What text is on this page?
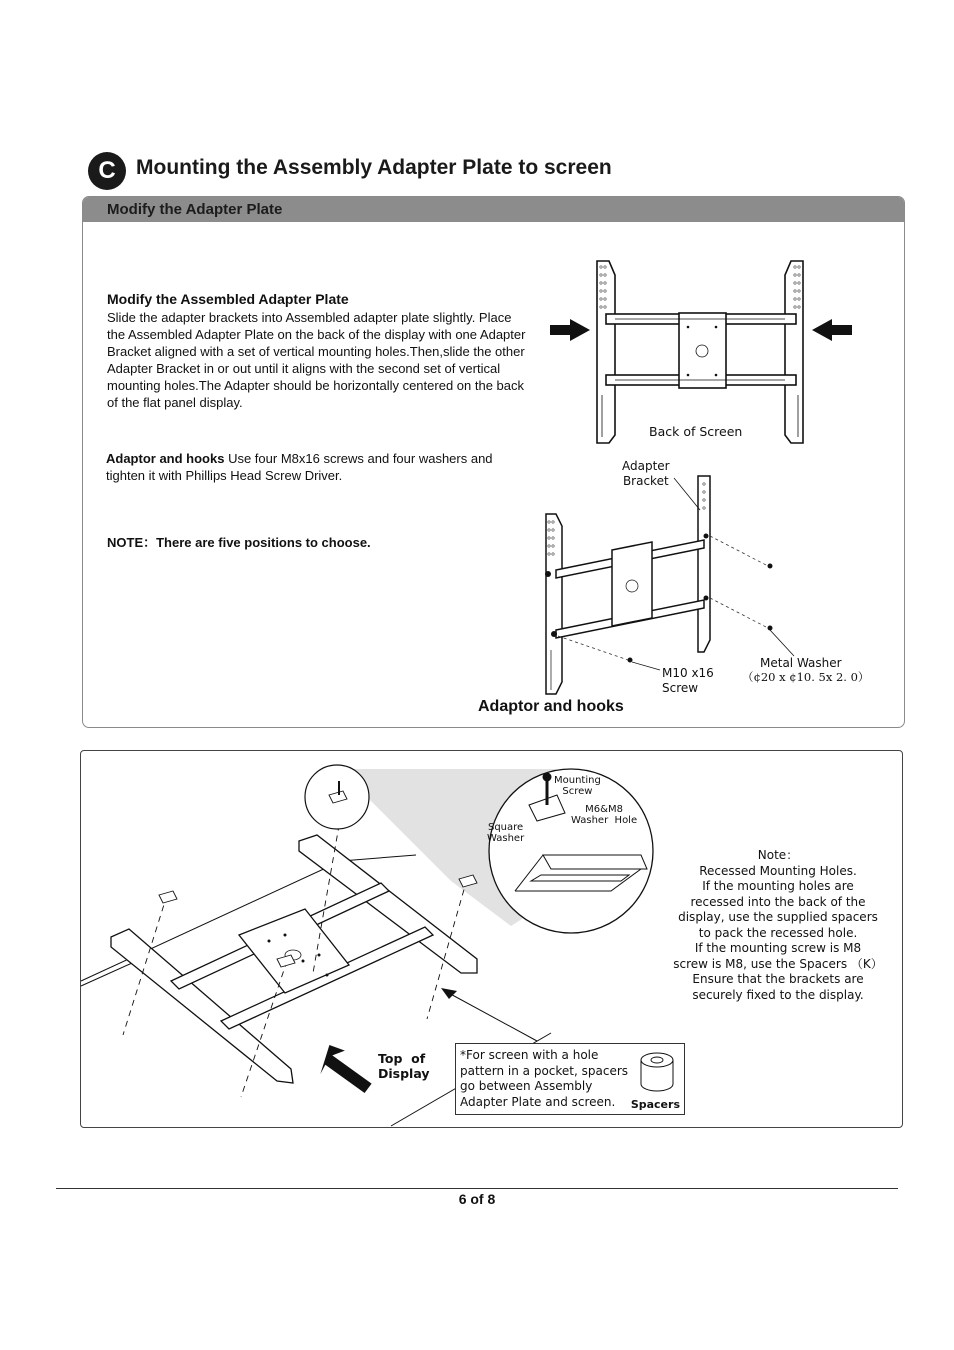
C Mounting the Assembly Adapter Plate to screen
Modify the Adapter Plate
Modify the Assembled Adapter Plate
Slide the adapter brackets into Assembled adapter plate slightly. Place the Assembled Adapter Plate on the back of the display with one Adapter Bracket aligned with a set of vertical mounting holes.Then,slide the other Adapter Bracket in or out until it aligns with the second set of vertical mounting holes.The Adapter should be horizontally centered on the back of the flat panel display.
Adaptor and hooks Use four M8x16 screws and four washers and tighten it with Phillips Head Screw Driver.
NOTE：There are five positions to choose.
Back of Screen
Adapter
Bracket
M10 x16
Screw
Metal Washer
（¢20 x ¢10. 5x 2. 0）
Adaptor and hooks
Mounting
Screw
M6&M8
Washer  Hole
Square
Washer
Note：
Recessed Mounting Holes.
If the mounting holes are
recessed into the back of the
display, use the supplied spacers
to pack the recessed hole.
If the mounting screw is M8
screw is M8, use the Spacers （K）
Ensure that the brackets are
securely fixed to the display.
Top  of
Display
*For screen with a hole pattern in a pocket, spacers go between Assembly Adapter Plate and screen.	Spacers
6 of 8
